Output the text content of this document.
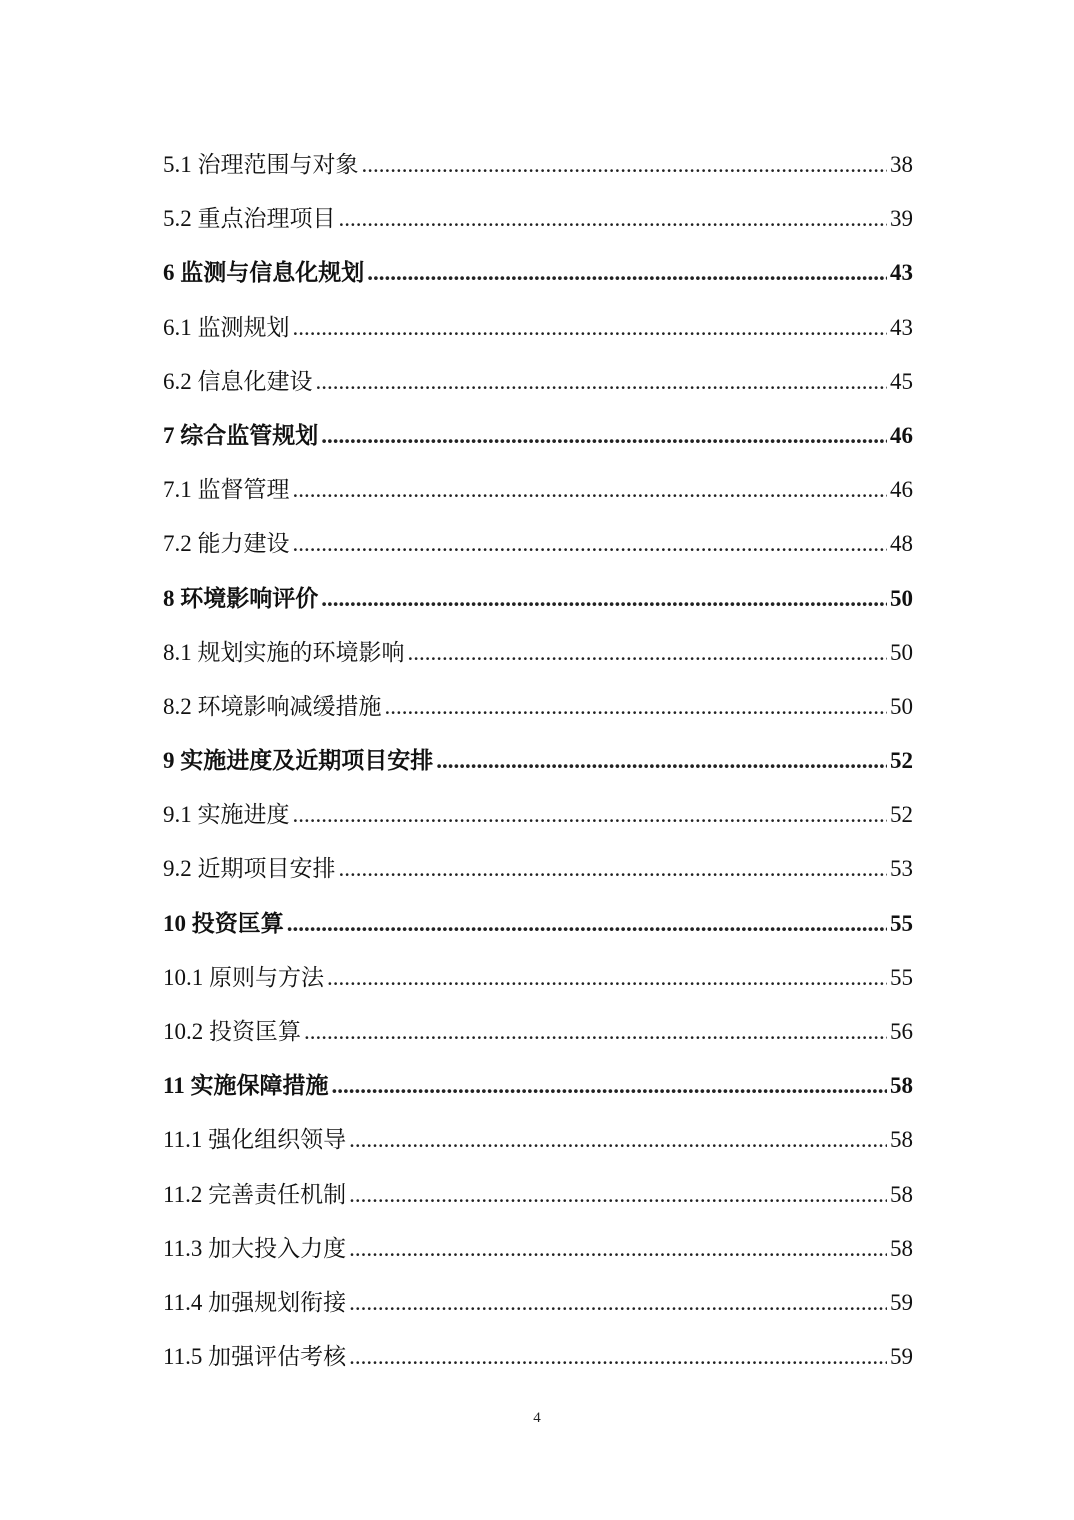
5.1 治理范围与对象 .....	38
5.2 重点治理项目 .....	39
6 监测与信息化规划 .....	43
6.1 监测规划 .....	43
6.2 信息化建设 .....	45
7 综合监管规划 .....	46
7.1 监督管理 .....	46
7.2 能力建设 .....	48
8 环境影响评价 .....	50
8.1 规划实施的环境影响 .....	50
8.2 环境影响减缓措施 .....	50
9 实施进度及近期项目安排 .....	52
9.1 实施进度 .....	52
9.2 近期项目安排 .....	53
10 投资匡算 .....	55
10.1 原则与方法 .....	55
10.2 投资匡算 .....	56
11 实施保障措施 .....	58
11.1 强化组织领导 .....	58
11.2 完善责任机制 .....	58
11.3 加大投入力度 .....	58
11.4 加强规划衔接 .....	59
11.5 加强评估考核 .....	59
4
